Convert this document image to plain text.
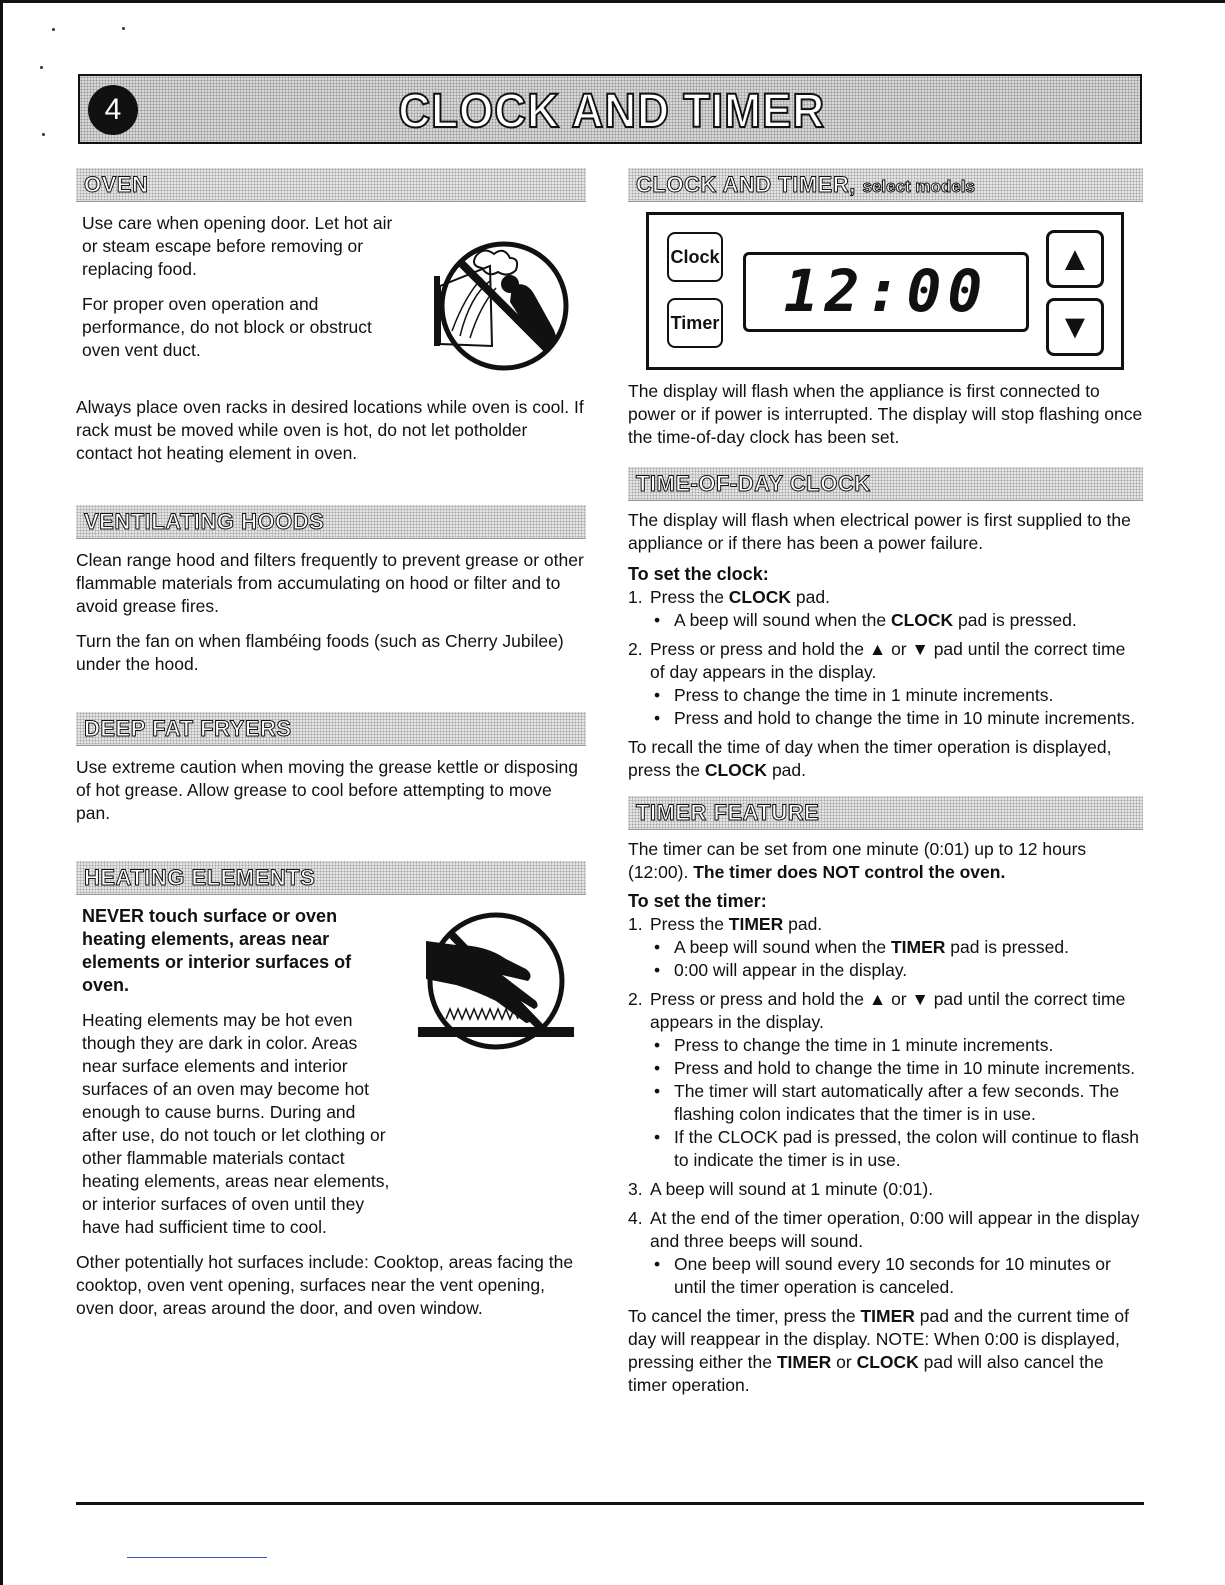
4	CLOCK AND TIMER
OVEN

Use care when opening door. Let hot air or steam escape before removing or replacing food.

For proper oven operation and performance, do not block or obstruct oven vent duct.

Always place oven racks in desired locations while oven is cool. If rack must be moved while oven is hot, do not let potholder contact hot heating element in oven.

VENTILATING HOODS

Clean range hood and filters frequently to prevent grease or other flammable materials from accumulating on hood or filter and to avoid grease fires.

Turn the fan on when flambéing foods (such as Cherry Jubilee) under the hood.

DEEP FAT FRYERS

Use extreme caution when moving the grease kettle or disposing of hot grease. Allow grease to cool before attempting to move pan.

HEATING ELEMENTS

NEVER touch surface or oven heating elements, areas near elements or interior surfaces of oven.

Heating elements may be hot even though they are dark in color. Areas near surface elements and interior surfaces of an oven may become hot enough to cause burns. During and after use, do not touch or let clothing or other flammable materials contact heating elements, areas near elements, or interior surfaces of oven until they have had sufficient time to cool.

Other potentially hot surfaces include: Cooktop, areas facing the cooktop, oven vent opening, surfaces near the vent opening, oven door, areas around the door, and oven window.

CLOCK AND TIMER, select models
Clock
Timer	12:00	▲
▼

The display will flash when the appliance is first connected to power or if power is interrupted. The display will stop flashing once the time-of-day clock has been set.

TIME-OF-DAY CLOCK

The display will flash when electrical power is first supplied to the appliance or if there has been a power failure.

To set the clock:
1. Press the CLOCK pad.
• A beep will sound when the CLOCK pad is pressed.
2. Press or press and hold the ▲ or ▼ pad until the correct time of day appears in the display.
• Press to change the time in 1 minute increments.
• Press and hold to change the time in 10 minute increments.

To recall the time of day when the timer operation is displayed, press the CLOCK pad.

TIMER FEATURE

The timer can be set from one minute (0:01) up to 12 hours (12:00). The timer does NOT control the oven.

To set the timer:
1. Press the TIMER pad.
• A beep will sound when the TIMER pad is pressed.
• 0:00 will appear in the display.
2. Press or press and hold the ▲ or ▼ pad until the correct time appears in the display.
• Press to change the time in 1 minute increments.
• Press and hold to change the time in 10 minute increments.
• The timer will start automatically after a few seconds. The flashing colon indicates that the timer is in use.
• If the CLOCK pad is pressed, the colon will continue to flash to indicate the timer is in use.
3. A beep will sound at 1 minute (0:01).
4. At the end of the timer operation, 0:00 will appear in the display and three beeps will sound.
• One beep will sound every 10 seconds for 10 minutes or until the timer operation is canceled.

To cancel the timer, press the TIMER pad and the current time of day will reappear in the display. NOTE: When 0:00 is displayed, pressing either the TIMER or CLOCK pad will also cancel the timer operation.
